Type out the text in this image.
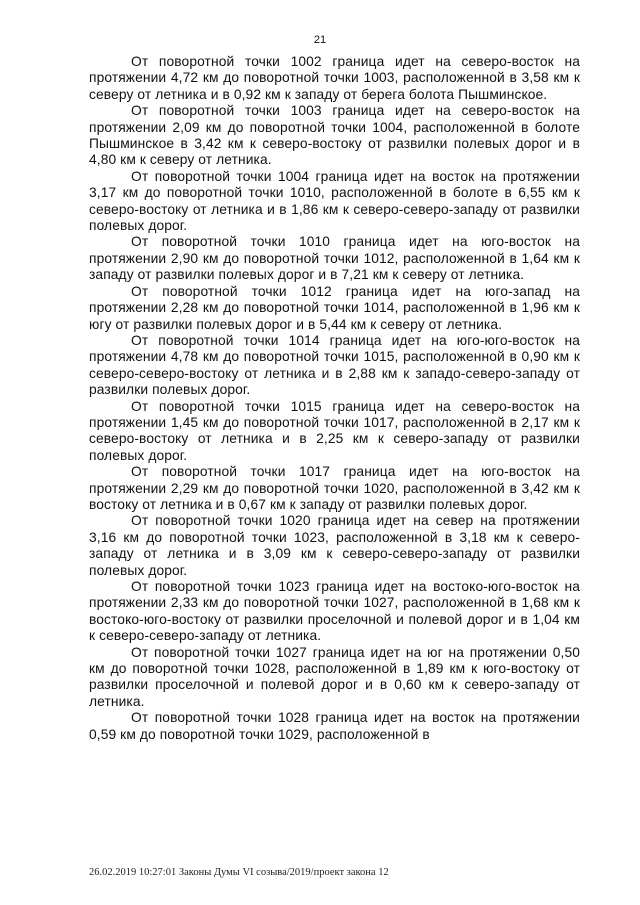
21

От поворотной точки 1002 граница идет на северо-восток на протяжении 4,72 км до поворотной точки 1003, расположенной в 3,58 км к северу от летника и в 0,92 км к западу от берега болота Пышминское.

От поворотной точки 1003 граница идет на северо-восток на протяжении 2,09 км до поворотной точки 1004, расположенной в болоте Пышминское в 3,42 км к северо-востоку от развилки полевых дорог и в 4,80 км к северу от летника.

От поворотной точки 1004 граница идет на восток на протяжении 3,17 км до поворотной точки 1010, расположенной в болоте в 6,55 км к северо-востоку от летника и в 1,86 км к северо-северо-западу от развилки полевых дорог.

От поворотной точки 1010 граница идет на юго-восток на протяжении 2,90 км до поворотной точки 1012, расположенной в 1,64 км к западу от развилки полевых дорог и в 7,21 км к северу от летника.

От поворотной точки 1012 граница идет на юго-запад на протяжении 2,28 км до поворотной точки 1014, расположенной в 1,96 км к югу от развилки полевых дорог и в 5,44 км к северу от летника.

От поворотной точки 1014 граница идет на юго-юго-восток на протяжении 4,78 км до поворотной точки 1015, расположенной в 0,90 км к северо-северо-востоку от летника и в 2,88 км к западо-северо-западу от развилки полевых дорог.

От поворотной точки 1015 граница идет на северо-восток на протяжении 1,45 км до поворотной точки 1017, расположенной в 2,17 км к северо-востоку от летника и в 2,25 км к северо-западу от развилки полевых дорог.

От поворотной точки 1017 граница идет на юго-восток на протяжении 2,29 км до поворотной точки 1020, расположенной в 3,42 км к востоку от летника и в 0,67 км к западу от развилки полевых дорог.

От поворотной точки 1020 граница идет на север на протяжении 3,16 км до поворотной точки 1023, расположенной в 3,18 км к северо-западу от летника и в 3,09 км к северо-северо-западу от развилки полевых дорог.

От поворотной точки 1023 граница идет на востоко-юго-восток на протяжении 2,33 км до поворотной точки 1027, расположенной в 1,68 км к востоко-юго-востоку от развилки проселочной и полевой дорог и в 1,04 км к северо-северо-западу от летника.

От поворотной точки 1027 граница идет на юг на протяжении 0,50 км до поворотной точки 1028, расположенной в 1,89 км к юго-востоку от развилки проселочной и полевой дорог и в 0,60 км к северо-западу от летника.

От поворотной точки 1028 граница идет на восток на протяжении 0,59 км до поворотной точки 1029, расположенной в

26.02.2019 10:27:01 Законы Думы VI созыва/2019/проект закона 12
